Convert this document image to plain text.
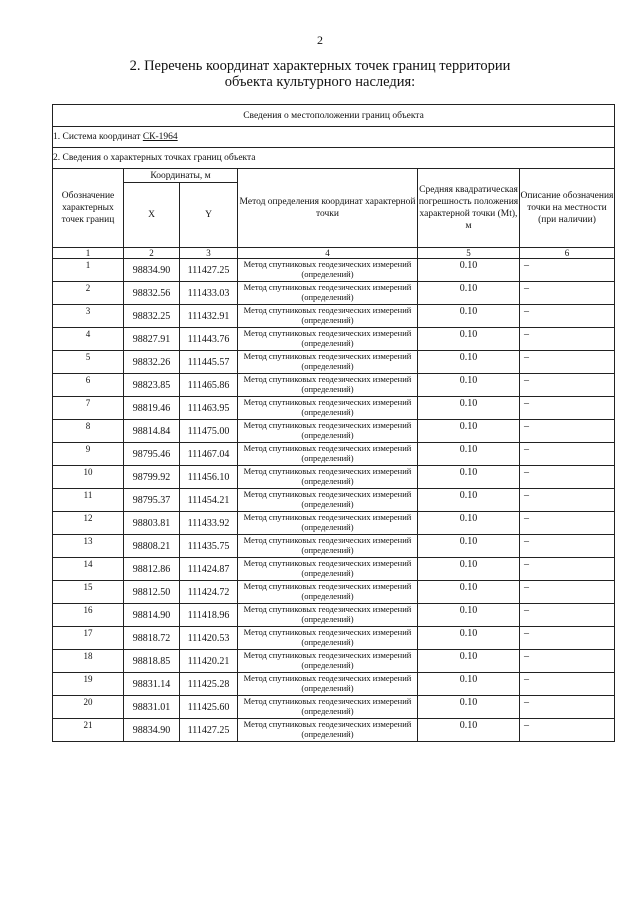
2
2. Перечень координат характерных точек границ территории
объекта культурного наследия:
Сведения о местоположении границ объекта					
1. Система координат СК-1964					
2. Сведения о характерных точках границ объекта					
Обозначение характерных точек границ	Координаты, м		Метод определения координат характерной точки	Средняя квадратическая погрешность положения характерной точки (Mt), м	Описание обозначения точки на местности (при наличии)
	X	Y			
1	2	3	4	5	6
1	98834.90	111427.25	Метод спутниковых геодезических измерений (определений)	0.10	–
2	98832.56	111433.03	Метод спутниковых геодезических измерений (определений)	0.10	–
3	98832.25	111432.91	Метод спутниковых геодезических измерений (определений)	0.10	–
4	98827.91	111443.76	Метод спутниковых геодезических измерений (определений)	0.10	–
5	98832.26	111445.57	Метод спутниковых геодезических измерений (определений)	0.10	–
6	98823.85	111465.86	Метод спутниковых геодезических измерений (определений)	0.10	–
7	98819.46	111463.95	Метод спутниковых геодезических измерений (определений)	0.10	–
8	98814.84	111475.00	Метод спутниковых геодезических измерений (определений)	0.10	–
9	98795.46	111467.04	Метод спутниковых геодезических измерений (определений)	0.10	–
10	98799.92	111456.10	Метод спутниковых геодезических измерений (определений)	0.10	–
11	98795.37	111454.21	Метод спутниковых геодезических измерений (определений)	0.10	–
12	98803.81	111433.92	Метод спутниковых геодезических измерений (определений)	0.10	–
13	98808.21	111435.75	Метод спутниковых геодезических измерений (определений)	0.10	–
14	98812.86	111424.87	Метод спутниковых геодезических измерений (определений)	0.10	–
15	98812.50	111424.72	Метод спутниковых геодезических измерений (определений)	0.10	–
16	98814.90	111418.96	Метод спутниковых геодезических измерений (определений)	0.10	–
17	98818.72	111420.53	Метод спутниковых геодезических измерений (определений)	0.10	–
18	98818.85	111420.21	Метод спутниковых геодезических измерений (определений)	0.10	–
19	98831.14	111425.28	Метод спутниковых геодезических измерений (определений)	0.10	–
20	98831.01	111425.60	Метод спутниковых геодезических измерений (определений)	0.10	–
21	98834.90	111427.25	Метод спутниковых геодезических измерений (определений)	0.10	–
